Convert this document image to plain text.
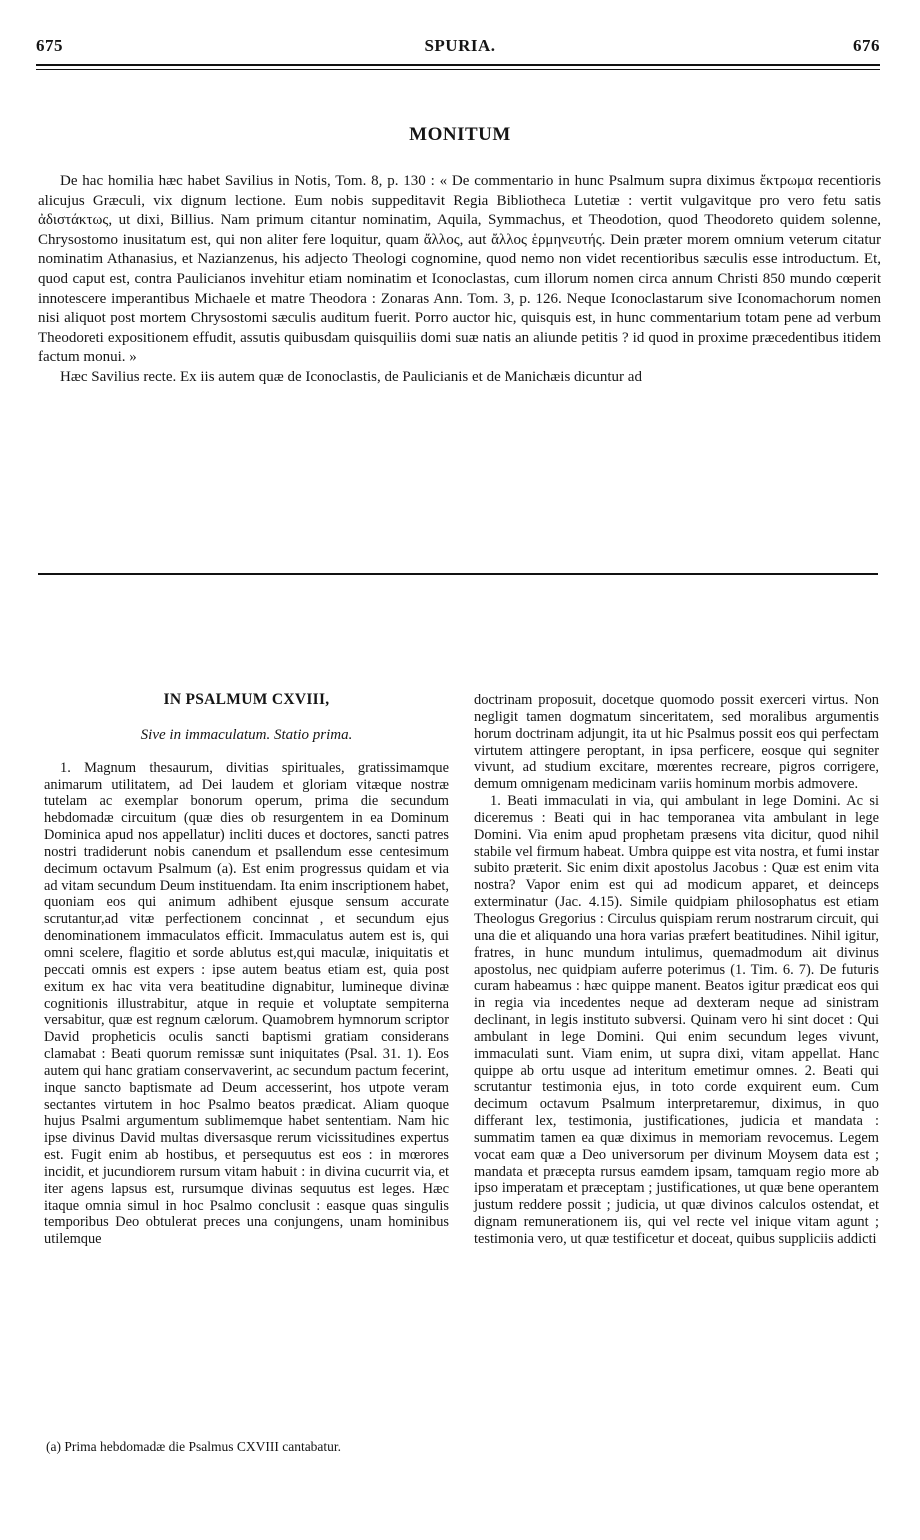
675	SPURIA.	676
MONITUM

De hac homilia hæc habet Savilius in Notis, Tom. 8, p. 130 : « De commentario in hunc Psalmum supra diximus ἔκτρωμα recentioris alicujus Græculi, vix dignum lectione. Eum nobis suppeditavit Regia Bibliotheca Lutetiæ : vertit vulgavitque pro vero fetu satis ἀδιστάκτως, ut dixi, Billius. Nam primum citantur nominatim, Aquila, Symmachus, et Theodotion, quod Theodoreto quidem solenne, Chrysostomo inusitatum est, qui non aliter fere loquitur, quam ἄλλος, aut ἄλλος ἑρμηνευτής. Dein præter morem omnium veterum citatur nominatim Athanasius, et Nazianzenus, his adjecto Theologi cognomine, quod nemo non videt recentioribus sæculis esse introductum. Et, quod caput est, contra Paulicianos invehitur etiam nominatim et Iconoclastas, cum illorum nomen circa annum Christi 850 mundo cœperit innotescere imperantibus Michaele et matre Theodora : Zonaras Ann. Tom. 3, p. 126. Neque Iconoclastarum sive Iconomachorum nomen nisi aliquot post mortem Chrysostomi sæculis auditum fuerit. Porro auctor hic, quisquis est, in hunc commentarium totam pene ad verbum Theodoreti expositionem effudit, assutis quibusdam quisquiliis domi suæ natis an aliunde petitis ? id quod in proxime præcedentibus itidem factum monui. »

Hæc Savilius recte. Ex iis autem quæ de Iconoclastis, de Paulicianis et de Manichæis dicuntur ad

IN PSALMUM CXVIII,
Sive in immaculatum. Statio prima.

1. Magnum thesaurum, divitias spirituales, gratissimamque animarum utilitatem, ad Dei laudem et gloriam vitæque nostræ tutelam ac exemplar bonorum operum, prima die secundum hebdomadæ circuitum (quæ dies ob resurgentem in ea Dominum Dominica apud nos appellatur) incliti duces et doctores, sancti patres nostri tradiderunt nobis canendum et psallendum esse centesimum decimum octavum Psalmum (a). Est enim progressus quidam et via ad vitam secundum Deum instituendam. Ita enim inscriptionem habet, quoniam eos qui animum adhibent ejusque sensum accurate scrutantur,ad vitæ perfectionem concinnat , et secundum ejus denominationem immaculatos efficit. Immaculatus autem est is, qui omni scelere, flagitio et sorde ablutus est,qui maculæ, iniquitatis et peccati omnis est expers : ipse autem beatus etiam est, quia post exitum ex hac vita vera beatitudine dignabitur, lumineque divinæ cognitionis illustrabitur, atque in requie et voluptate sempiterna versabitur, quæ est regnum cælorum. Quamobrem hymnorum scriptor David propheticis oculis sancti baptismi gratiam considerans clamabat : Beati quorum remissæ sunt iniquitates (Psal. 31. 1). Eos autem qui hanc gratiam conservaverint, ac secundum pactum fecerint, inque sancto baptismate ad Deum accesserint, hos utpote veram sectantes virtutem in hoc Psalmo beatos prædicat. Aliam quoque hujus Psalmi argumentum sublimemque habet sententiam. Nam hic ipse divinus David multas diversasque rerum vicissitudines expertus est. Fugit enim ab hostibus, et persequutus est eos : in mœrores incidit, et jucundiorem rursum vitam habuit : in divina cucurrit via, et iter agens lapsus est, rursumque divinas sequutus est leges. Hæc itaque omnia simul in hoc Psalmo conclusit : easque quas singulis temporibus Deo obtulerat preces una conjungens, unam hominibus utilemque

doctrinam proposuit, docetque quomodo possit exerceri virtus. Non negligit tamen dogmatum sinceritatem, sed moralibus argumentis horum doctrinam adjungit, ita ut hic Psalmus possit eos qui perfectam virtutem attingere peroptant, in ipsa perficere, eosque qui segniter vivunt, ad studium excitare, mœrentes recreare, pigros corrigere, demum omnigenam medicinam variis hominum morbis admovere.

1. Beati immaculati in via, qui ambulant in lege Domini. Ac si diceremus : Beati qui in hac temporanea vita ambulant in lege Domini. Via enim apud prophetam præsens vita dicitur, quod nihil stabile vel firmum habeat. Umbra quippe est vita nostra, et fumi instar subito præterit. Sic enim dixit apostolus Jacobus : Quæ est enim vita nostra? Vapor enim est qui ad modicum apparet, et deinceps exterminatur (Jac. 4.15). Simile quidpiam philosophatus est etiam Theologus Gregorius : Circulus quispiam rerum nostrarum circuit, qui una die et aliquando una hora varias præfert beatitudines. Nihil igitur, fratres, in hunc mundum intulimus, quemadmodum ait divinus apostolus, nec quidpiam auferre poterimus (1. Tim. 6. 7). De futuris curam habeamus : hæc quippe manent. Beatos igitur prædicat eos qui in regia via incedentes neque ad dexteram neque ad sinistram declinant, in legis instituto subversi. Quinam vero hi sint docet : Qui ambulant in lege Domini. Qui enim secundum leges vivunt, immaculati sunt. Viam enim, ut supra dixi, vitam appellat. Hanc quippe ab ortu usque ad interitum emetimur omnes. 2. Beati qui scrutantur testimonia ejus, in toto corde exquirent eum. Cum decimum octavum Psalmum interpretaremur, diximus, in quo differant lex, testimonia, justificationes, judicia et mandata : summatim tamen ea quæ diximus in memoriam revocemus. Legem vocat eam quæ a Deo universorum per divinum Moysem data est ; mandata et præcepta rursus eamdem ipsam, tamquam regio more ab ipso imperatam et præceptam ; justificationes, ut quæ bene operantem justum reddere possit ; judicia, ut quæ divinos calculos ostendat, et dignam remunerationem iis, qui vel recte vel inique vitam agunt ; testimonia vero, ut quæ testificetur et doceat, quibus suppliciis addicti

(a) Prima hebdomadæ die Psalmus CXVIII cantabatur.
